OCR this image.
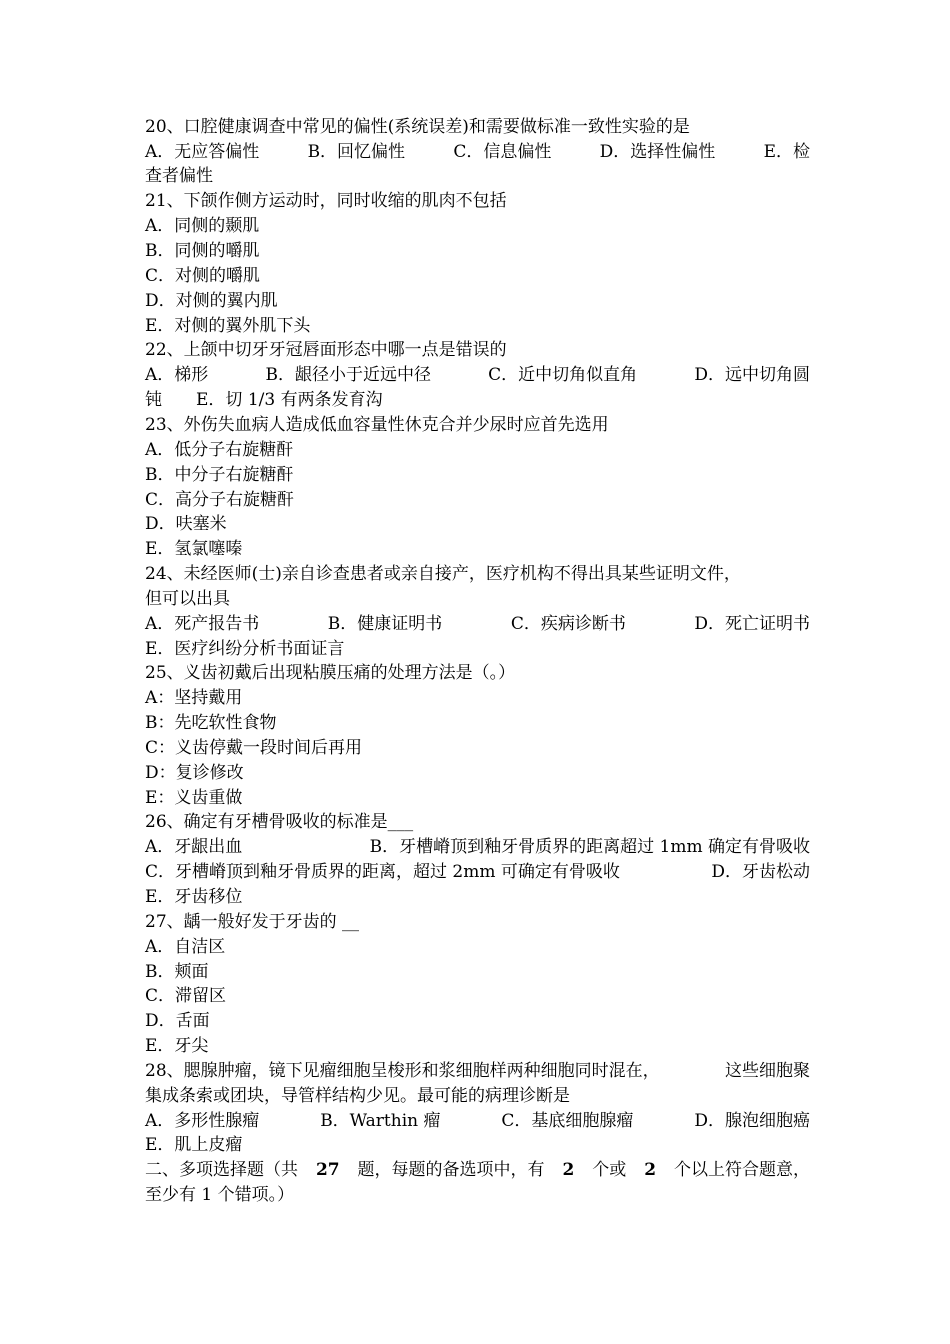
20、口腔健康调查中常见的偏性(系统误差)和需要做标准一致性实验的是

A．无应答偏性	B．回忆偏性	C．信息偏性	D．选择性偏性	E．检

查者偏性

21、下颌作侧方运动时，同时收缩的肌肉不包括

A．同侧的颞肌

B．同侧的嚼肌

C．对侧的嚼肌

D．对侧的翼内肌

E．对侧的翼外肌下头

22、上颌中切牙牙冠唇面形态中哪一点是错误的

A．梯形	B．龈径小于近远中径	C．近中切角似直角	D．远中切角圆

钝 E．切 1/3 有两条发育沟

23、外伤失血病人造成低血容量性休克合并少尿时应首先选用

A．低分子右旋糖酐

B．中分子右旋糖酐

C．高分子右旋糖酐

D．呋塞米

E．氢氯噻嗪

24、未经医师(士)亲自诊查患者或亲自接产，医疗机构不得出具某些证明文件，

但可以出具

A．死产报告书	B．健康证明书	C．疾病诊断书	D．死亡证明书

E．医疗纠纷分析书面证言

25、义齿初戴后出现粘膜压痛的处理方法是（。）

A：坚持戴用

B：先吃软性食物

C：义齿停戴一段时间后再用

D：复诊修改

E：义齿重做

26、确定有牙槽骨吸收的标准是___

A．牙龈出血	B．牙槽嵴顶到釉牙骨质界的距离超过 1mm 确定有骨吸收
C．牙槽嵴顶到釉牙骨质界的距离，超过 2mm 可确定有骨吸收	D．牙齿松动

E．牙齿移位

27、龋一般好发于牙齿的 __

A．自洁区

B．颊面

C．滞留区

D．舌面

E．牙尖

28、腮腺肿瘤，镜下见瘤细胞呈梭形和浆细胞样两种细胞同时混在，	这些细胞聚

集成条索或团块，导管样结构少见。最可能的病理诊断是

A．多形性腺瘤	B．Warthin 瘤	C．基底细胞腺瘤	D．腺泡细胞癌

E．肌上皮瘤

二、多项选择题（共 27 题，每题的备选项中，有 2 个或 2 个以上符合题意，

至少有 1 个错项。）
